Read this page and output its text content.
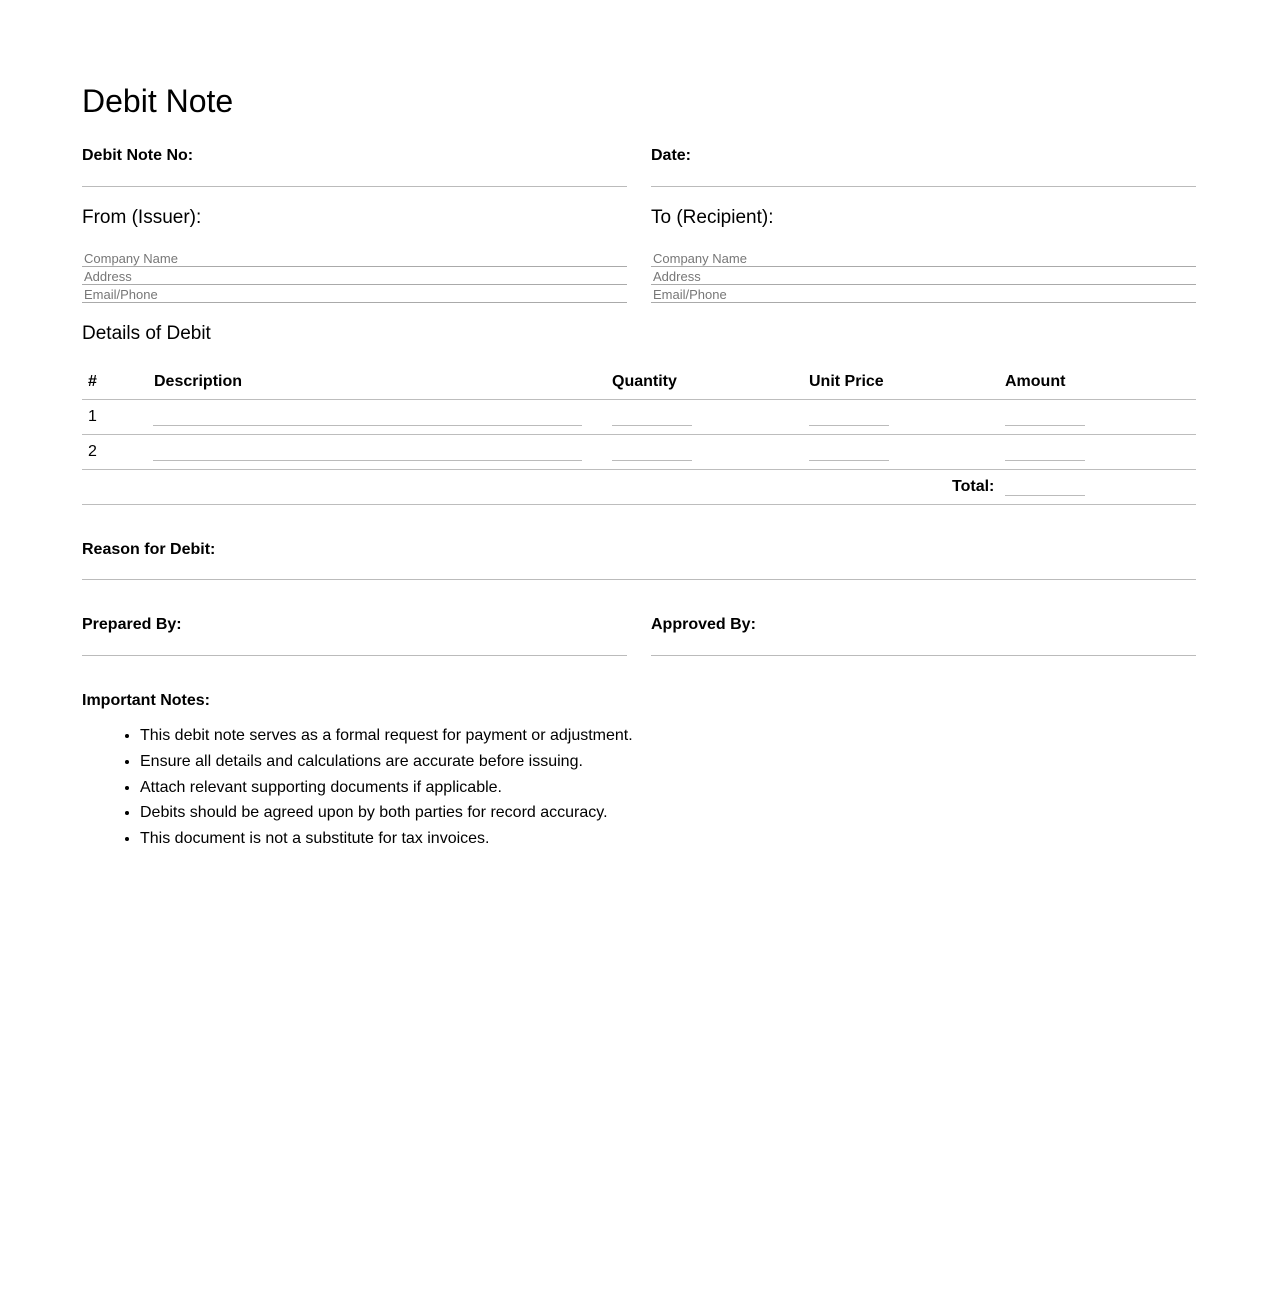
Debit Note
Debit Note No:	Date:
From (Issuer):
Company Name
Address
Email/Phone	To (Recipient):
Company Name
Address
Email/Phone
Details of Debit
#	Description	Quantity	Unit Price	Amount
1
2
Total:
Reason for Debit:
Prepared By:	Approved By:
Important Notes:
• This debit note serves as a formal request for payment or adjustment.
• Ensure all details and calculations are accurate before issuing.
• Attach relevant supporting documents if applicable.
• Debits should be agreed upon by both parties for record accuracy.
• This document is not a substitute for tax invoices.
